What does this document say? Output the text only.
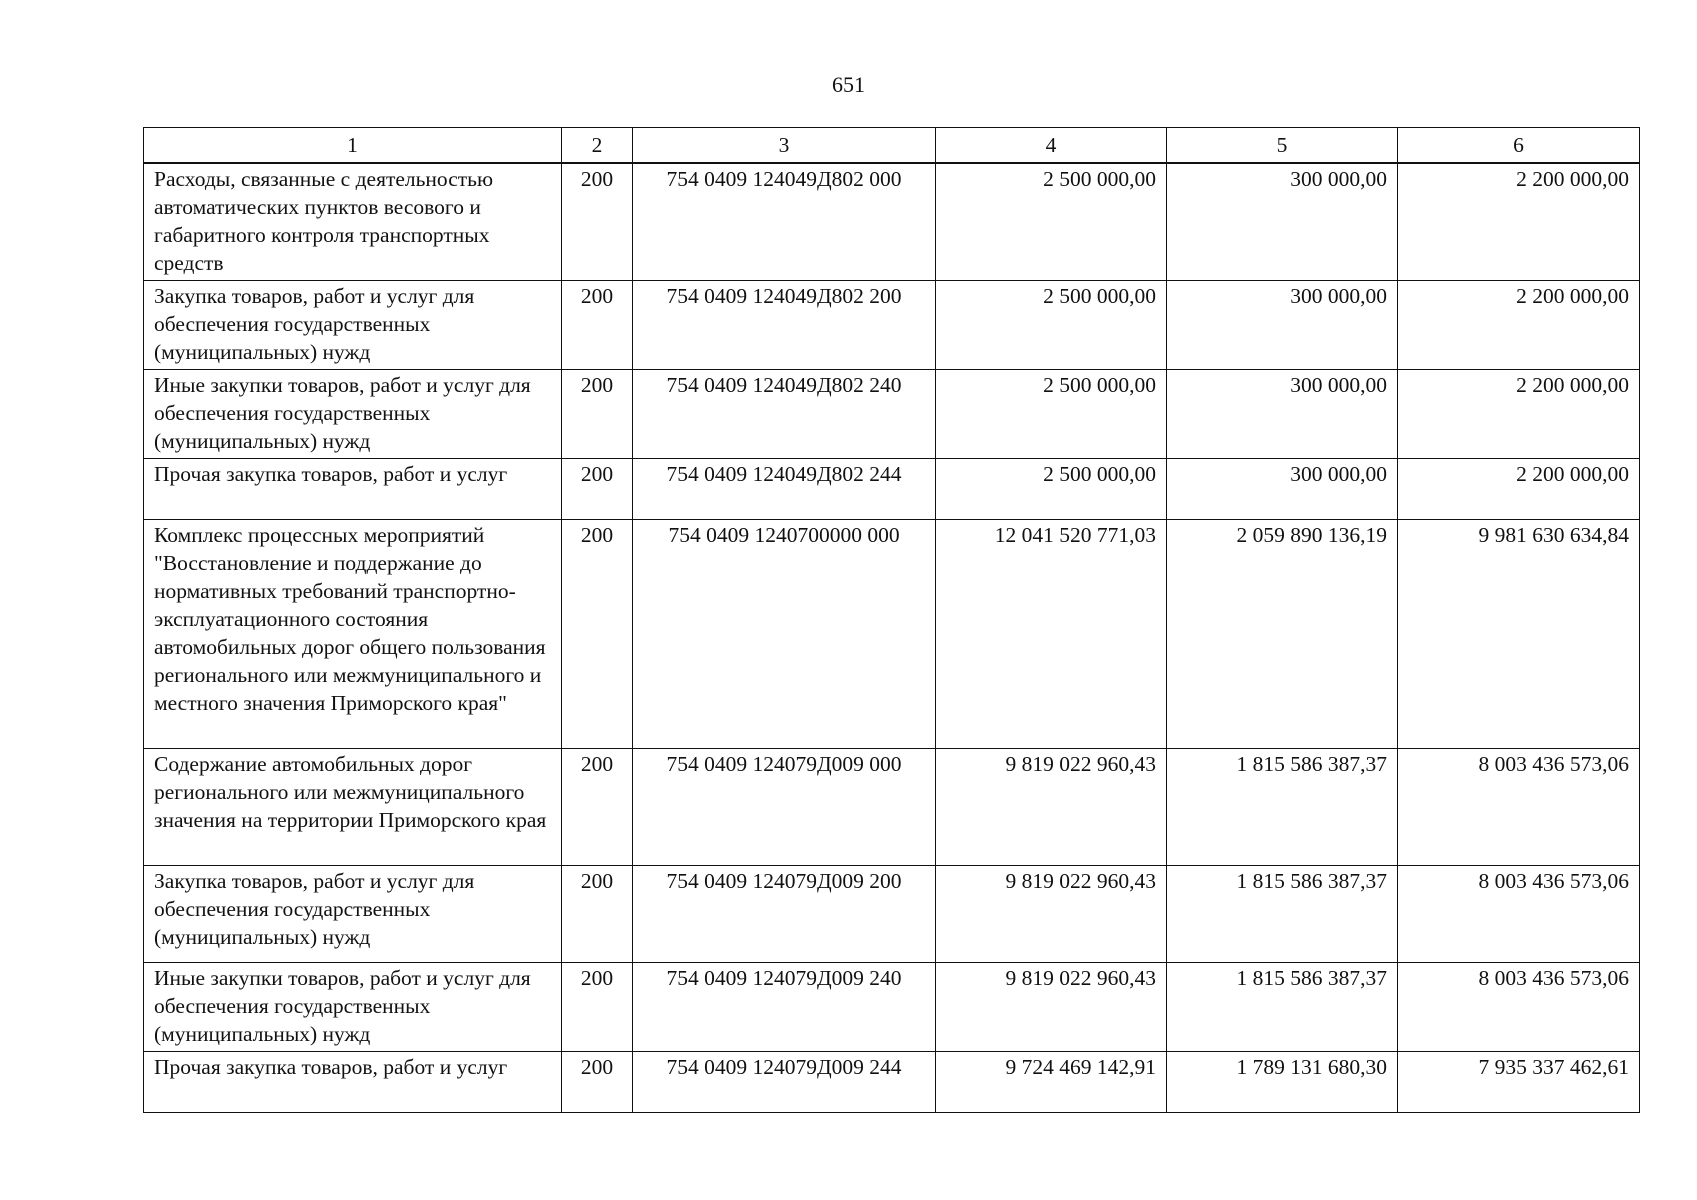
651
1	2	3	4	5	6
Расходы, связанные с деятельностью автоматических пунктов весового и габаритного контроля транспортных средств	200	754 0409 124049Д802 000	2 500 000,00	300 000,00	2 200 000,00
Закупка товаров, работ и услуг для обеспечения государственных (муниципальных) нужд	200	754 0409 124049Д802 200	2 500 000,00	300 000,00	2 200 000,00
Иные закупки товаров, работ и услуг для обеспечения государственных (муниципальных) нужд	200	754 0409 124049Д802 240	2 500 000,00	300 000,00	2 200 000,00
Прочая закупка товаров, работ и услуг	200	754 0409 124049Д802 244	2 500 000,00	300 000,00	2 200 000,00
Комплекс процессных мероприятий "Восстановление и поддержание до нормативных требований транспортно-эксплуатационного состояния автомобильных дорог общего пользования регионального или межмуниципального и местного значения Приморского края"	200	754 0409 1240700000 000	12 041 520 771,03	2 059 890 136,19	9 981 630 634,84
Содержание автомобильных дорог регионального или межмуниципального значения на территории Приморского края	200	754 0409 124079Д009 000	9 819 022 960,43	1 815 586 387,37	8 003 436 573,06
Закупка товаров, работ и услуг для обеспечения государственных (муниципальных) нужд	200	754 0409 124079Д009 200	9 819 022 960,43	1 815 586 387,37	8 003 436 573,06
Иные закупки товаров, работ и услуг для обеспечения государственных (муниципальных) нужд	200	754 0409 124079Д009 240	9 819 022 960,43	1 815 586 387,37	8 003 436 573,06
Прочая закупка товаров, работ и услуг	200	754 0409 124079Д009 244	9 724 469 142,91	1 789 131 680,30	7 935 337 462,61
